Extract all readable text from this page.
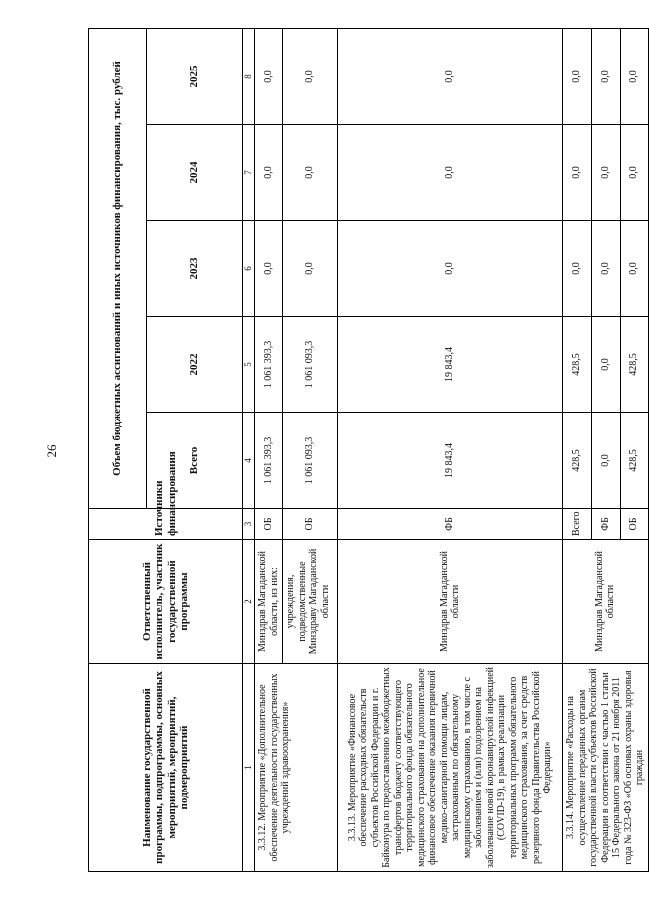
26
Наименование государственной программы, подпрограммы, основных мероприятий, мероприятий, подмероприятий	Ответственный исполнитель, участник государственной программы	Источники финансирования	Объем бюджетных ассигнований и иных источников финансирования, тыс. рублей				
			Всего	2022	2023	2024	2025
1	2	3	4	5	6	7	8
3.3.12. Мероприятие «Дополнительное обеспечение деятельности государственных учреждений здравоохранения»	Минздрав Магаданской области, из них:	ОБ	1 061 393,3	1 061 393,3	0,0	0,0	0,0
	учреждения, подведомственные Минздраву Магаданской области	ОБ	1 061 093,3	1 061 093,3	0,0	0,0	0,0
3.3.13. Мероприятие «Финансовое обеспечение расходных обязательств субъектов Российской Федерации и г. Байконура по предоставлению межбюджетных трансфертов бюджету соответствующего территориального фонда обязательного медицинского страхования на дополнительное финансовое обеспечение оказания первичной медико-санитарной помощи лицам, застрахованным по обязательному медицинскому страхованию, в том числе с заболеванием и (или) подозрением на заболевание новой коронавирусной инфекцией (COVID-19), в рамках реализации территориальных программ обязательного медицинского страхования, за счет средств резервного фонда Правительства Российской Федерации»	Минздрав Магаданской области	ФБ	19 843,4	19 843,4	0,0	0,0	0,0
3.3.14. Мероприятие «Расходы на осуществление переданных органам государственной власти субъектов Российской Федерации в соответствии с частью 1 статьи 15 Федерального закона от 21 ноября 2011 года № 323-ФЗ «Об основах охраны здоровья граждан	Минздрав Магаданской области	Всего	428,5	428,5	0,0	0,0	0,0
		ФБ	0,0	0,0	0,0	0,0	0,0
		ОБ	428,5	428,5	0,0	0,0	0,0
